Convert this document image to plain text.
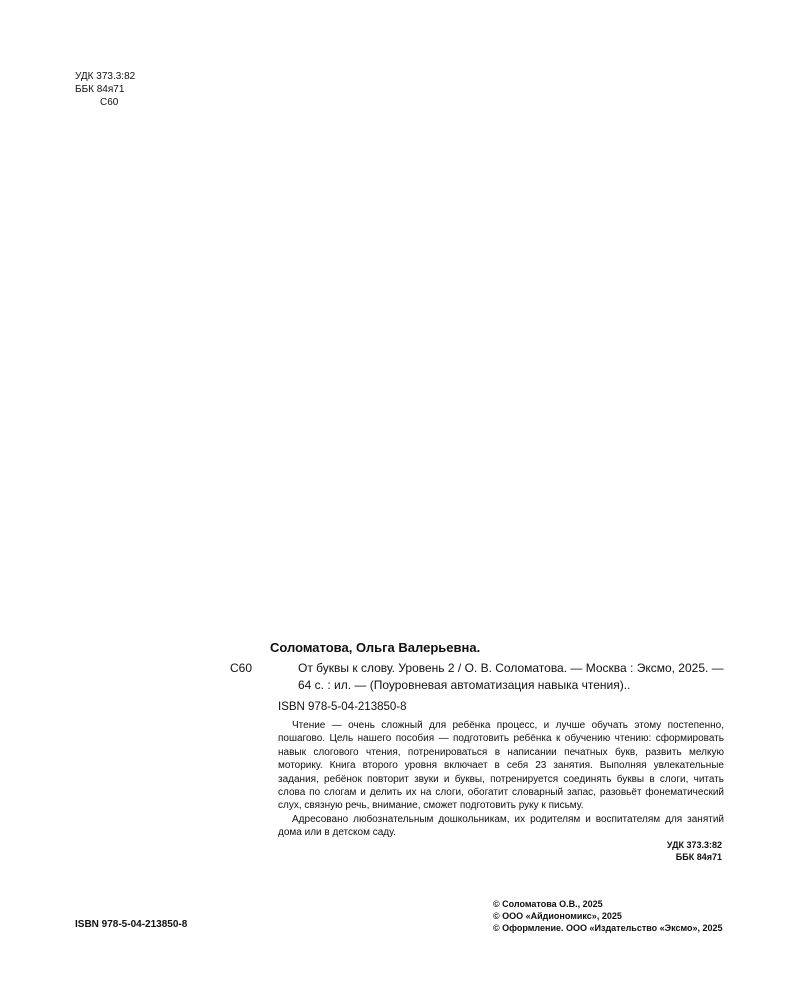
УДК 373.3:82
ББК 84я71
С60
Соломатова, Ольга Валерьевна.
С60	От буквы к слову. Уровень 2 / О. В. Соломатова. — Москва : Эксмо, 2025. —
64 с. : ил. — (Поуровневая автоматизация навыка чтения)..
ISBN 978-5-04-213850-8

Чтение — очень сложный для ребёнка процесс, и лучше обучать этому постепенно, пошагово. Цель нашего пособия — подготовить ребёнка к обучению чтению: сформировать навык слогового чтения, потренироваться в написании печатных букв, развить мелкую моторику. Книга второго уровня включает в себя 23 занятия. Выполняя увлекательные задания, ребёнок повторит звуки и буквы, потренируется соединять буквы в слоги, читать слова по слогам и делить их на слоги, обогатит словарный запас, разовьёт фонематический слух, связную речь, внимание, сможет подготовить руку к письму.

Адресовано любознательным дошкольникам, их родителям и воспитателям для занятий дома или в детском саду.

УДК 373.3:82
ББК 84я71
© Соломатова О.В., 2025
© ООО «Айдиономикс», 2025
© Оформление. ООО «Издательство «Эксмо», 2025
ISBN 978-5-04-213850-8
